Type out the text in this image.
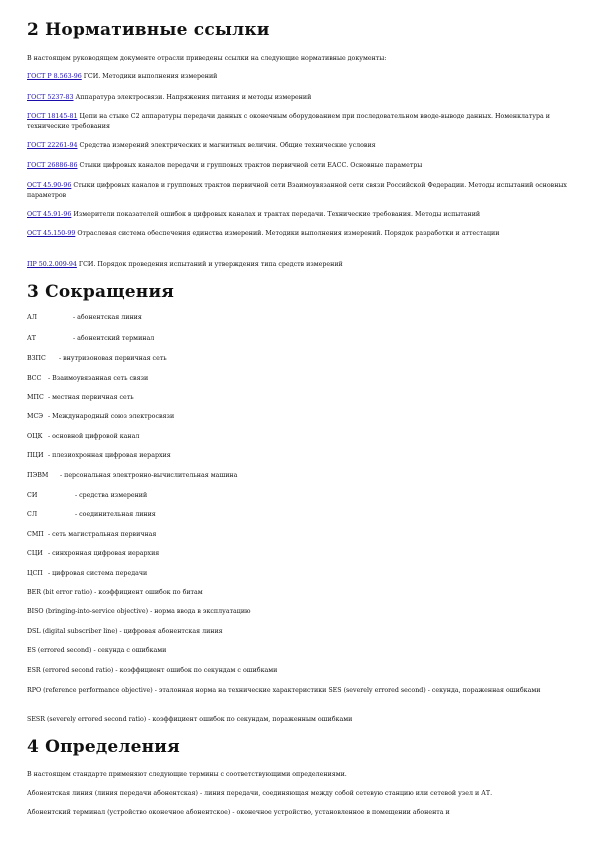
2 Нормативные ссылки
В настоящем руководящем документе отрасли приведены ссылки на следующие нормативные документы:
ГОСТ Р 8.563-96 ГСИ. Методики выполнения измерений
ГОСТ 5237-83 Аппаратура электросвязи. Напряжения питания и методы измерений
ГОСТ 18145-81 Цепи на стыке С2 аппаратуры передачи данных с оконечным оборудованием при последовательном вводе-выводе данных. Номенклатура и технические требования
ГОСТ 22261-94 Средства измерений электрических и магнитных величин. Общие технические условия
ГОСТ 26886-86 Стыки цифровых каналов передачи и групповых трактов первичной сети ЕАСС. Основные параметры
ОСТ 45.90-96 Стыки цифровых каналов и групповых трактов первичной сети Взаимоувязанной сети связи Российской Федерации. Методы испытаний основных параметров
ОСТ 45.91-96 Измерители показателей ошибок в цифровых каналах и трактах передачи. Технические требования. Методы испытаний
ОСТ 45.150-99 Отраслевая система обеспечения единства измерений. Методики выполнения измерений. Порядок разработки и аттестации
ПР 50.2.009-94 ГСИ. Порядок проведения испытаний и утверждения типа средств измерений
3 Сокращения
АЛ	- абонентская линия
АТ	- абонентский терминал
ВЗПС - внутризоновая первичная сеть
ВСС - Взаимоувязанная сеть связи
МПС - местная первичная сеть
МСЭ - Международный союз электросвязи
ОЦК - основной цифровой канал
ПЦИ - плезиохронная цифровая иерархия
ПЭВМ - персональная электронно-вычислительная машина
СИ	- средства измерений
СЛ	- соединительная линия
СМП - сеть магистральная первичная
СЦИ - синхронная цифровая иерархия
ЦСП - цифровая система передачи
BER (bit error ratio) - коэффициент ошибок по битам
BISO (bringing-into-service objective) - норма ввода в эксплуатацию
DSL (digital subscriber line) - цифровая абонентская линия
ES (errored second) - секунда с ошибками
ESR (errored second ratio) - коэффициент ошибок по секундам с ошибками
RPO (reference performance objective) - эталонная норма на технические характеристики SES (severely errored second) - секунда, пораженная ошибками
SESR (severely errored second ratio) - коэффициент ошибок по секундам, пораженным ошибками
4 Определения
В настоящем стандарте применяют следующие термины с соответствующими определениями.
Абонентская линия (линия передачи абонентская) - линия передачи, соединяющая между собой сетевую станцию или сетевой узел и АТ.
Абонентский терминал (устройство оконечное абонентское) - оконечное устройство, установленное в помещении абонента и
